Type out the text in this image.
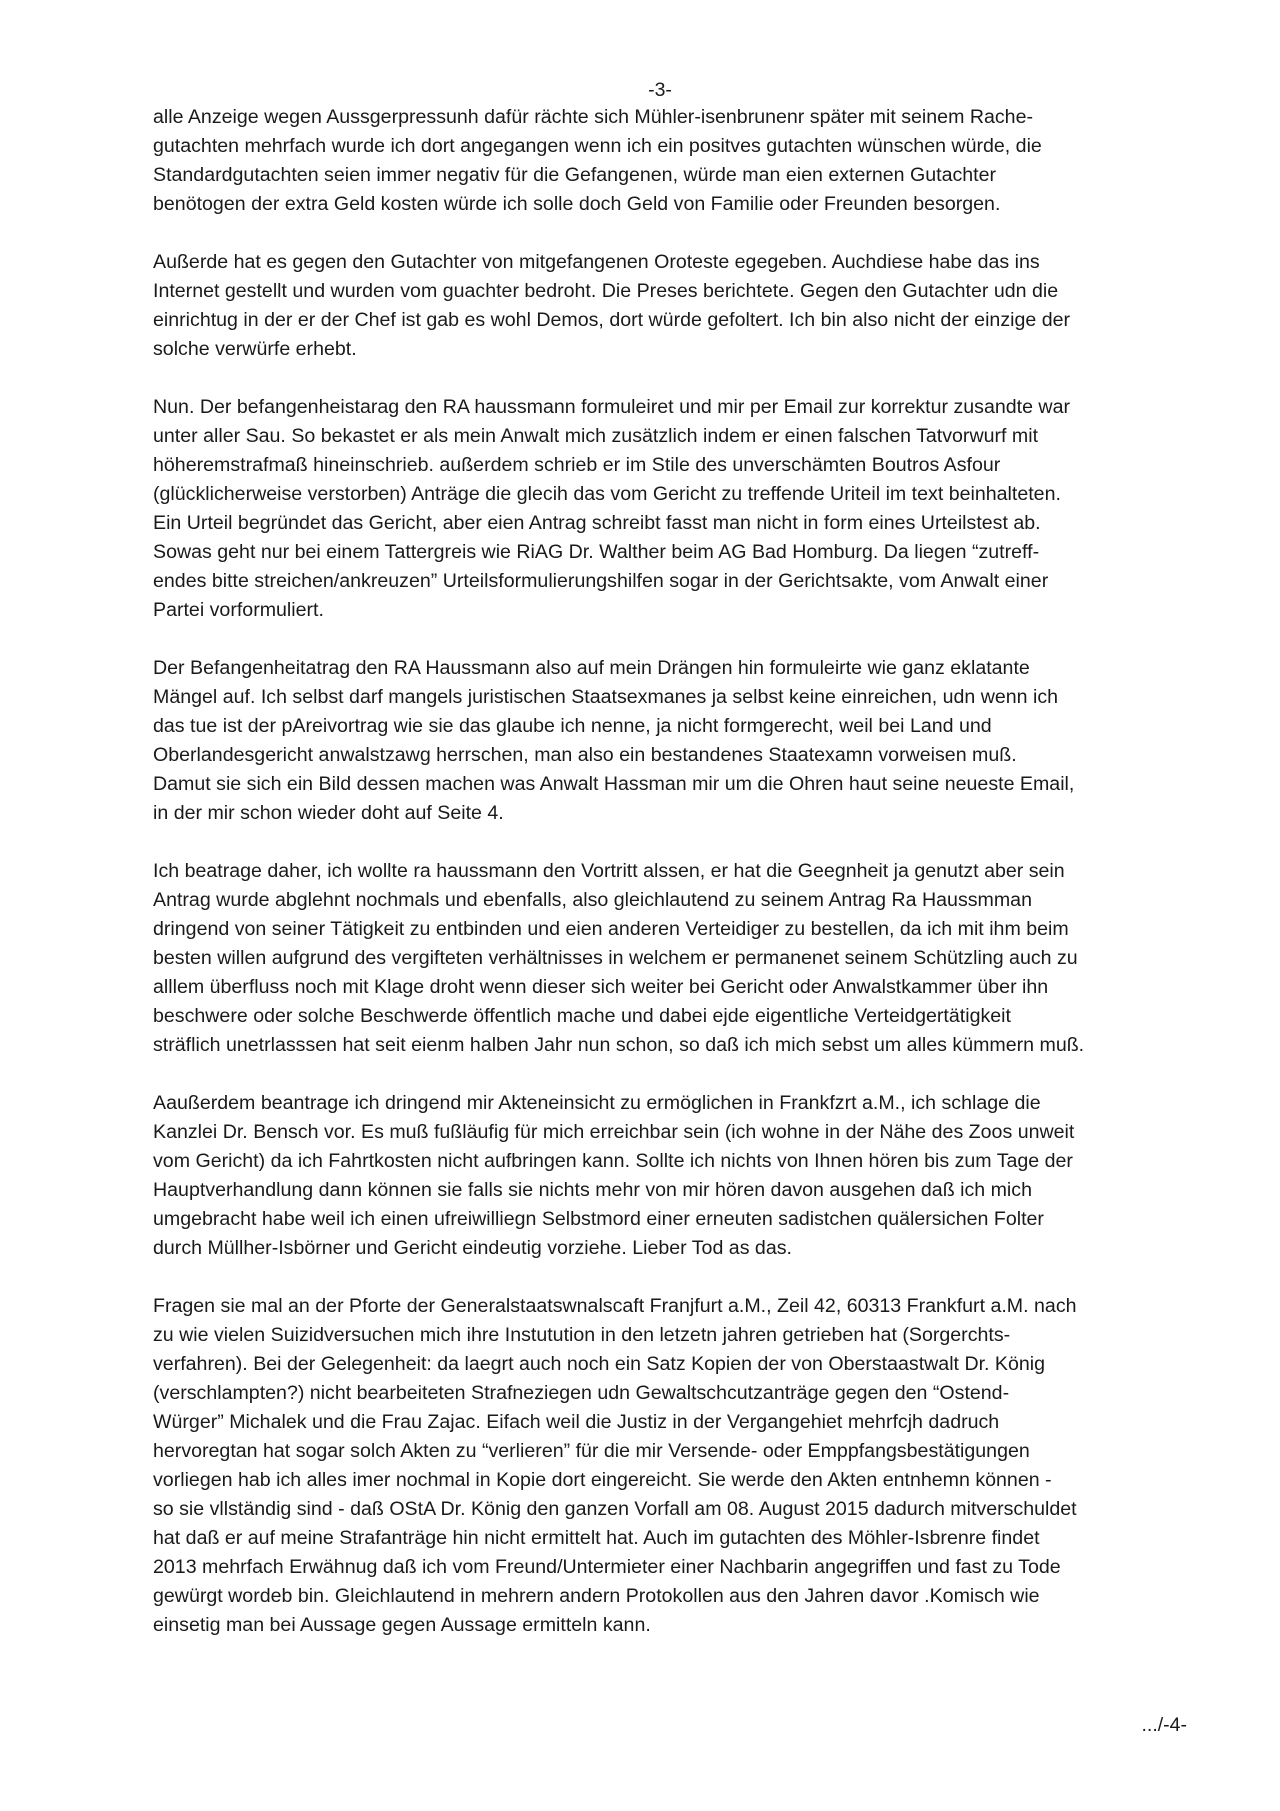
-3-
alle Anzeige wegen Aussgerpressunh dafür rächte sich Mühler-isenbrunenr später mit seinem Rache-
gutachten mehrfach wurde ich dort angegangen wenn ich ein positves gutachten wünschen würde, die
Standardgutachten seien immer negativ für die Gefangenen, würde man eien externen Gutachter
benötogen der extra Geld kosten würde ich solle doch Geld von Familie oder Freunden besorgen.
Außerde hat es gegen den Gutachter von mitgefangenen Oroteste egegeben. Auchdiese habe das ins
Internet gestellt und wurden vom guachter bedroht. Die Preses berichtete. Gegen den Gutachter udn die
einrichtug in der er der Chef ist gab es wohl Demos, dort würde gefoltert. Ich bin also nicht der einzige der
solche verwürfe erhebt.
Nun. Der befangenheistarag den RA haussmann formuleiret und mir per Email zur korrektur zusandte war
unter aller Sau. So bekastet er als mein Anwalt mich zusätzlich indem er einen falschen Tatvorwurf mit
höheremstrafmaß hineinschrieb. außerdem schrieb er im Stile des unverschämten Boutros Asfour
(glücklicherweise verstorben) Anträge die glecih das vom Gericht zu treffende Uriteil im text beinhalteten.
Ein Urteil begründet das Gericht, aber eien Antrag schreibt fasst man nicht in form eines Urteilstest ab.
Sowas geht nur bei einem Tattergreis wie RiAG Dr. Walther beim AG Bad Homburg. Da liegen “zutreff-
endes bitte streichen/ankreuzen” Urteilsformulierungshilfen sogar in der Gerichtsakte, vom Anwalt einer
Partei vorformuliert.
Der Befangenheitatrag den RA Haussmann also auf mein Drängen hin formuleirte wie ganz eklatante
Mängel auf. Ich selbst darf mangels juristischen Staatsexmanes ja selbst keine einreichen, udn wenn ich
das tue ist der pAreivortrag wie sie das glaube ich nenne, ja nicht formgerecht, weil bei Land und
Oberlandesgericht anwalstzawg herrschen, man also ein bestandenes Staatexamn vorweisen muß.
Damut sie sich ein Bild dessen machen was Anwalt Hassman mir um die Ohren haut seine neueste Email,
in der mir schon wieder doht auf Seite 4.
Ich beatrage daher, ich wollte ra haussmann den Vortritt alssen, er hat die Geegnheit ja genutzt aber sein
Antrag wurde abglehnt nochmals und ebenfalls, also gleichlautend zu seinem Antrag Ra Haussmman
dringend von seiner Tätigkeit zu entbinden und eien anderen Verteidiger zu bestellen, da ich mit ihm beim
besten willen aufgrund des vergifteten verhältnisses in welchem er permanenet seinem Schützling auch zu
alllem überfluss noch mit Klage droht wenn dieser sich weiter bei Gericht oder Anwalstkammer über ihn
beschwere oder solche Beschwerde öffentlich mache und dabei ejde eigentliche Verteidgertätigkeit
sträflich unetrlasssen hat seit eienm halben Jahr nun schon, so daß ich mich sebst um alles kümmern muß.
Aaußerdem beantrage ich dringend mir Akteneinsicht zu ermöglichen in Frankfzrt a.M., ich schlage die
Kanzlei Dr. Bensch vor. Es muß fußläufig für mich erreichbar sein (ich wohne in der Nähe des Zoos unweit
vom Gericht) da ich Fahrtkosten nicht aufbringen kann. Sollte ich nichts von Ihnen hören bis zum Tage der
Hauptverhandlung dann können sie falls sie nichts mehr von mir hören davon ausgehen daß ich mich
umgebracht habe weil ich einen ufreiwilliegn Selbstmord einer erneuten sadistchen quälersichen Folter
durch Müllher-Isbörner und Gericht eindeutig vorziehe. Lieber Tod as das.
Fragen sie mal an der Pforte der Generalstaatswnalscaft Franjfurt a.M., Zeil 42, 60313 Frankfurt a.M. nach
zu wie vielen Suizidversuchen mich ihre Instutution in den letzetn jahren getrieben hat (Sorgerchts-
verfahren). Bei der Gelegenheit: da laegrt auch noch ein Satz Kopien der von Oberstaastwalt Dr. König
(verschlampten?) nicht bearbeiteten Strafneziegen udn Gewaltschcutzanträge gegen den “Ostend-
Würger” Michalek und die Frau Zajac. Eifach weil die Justiz in der Vergangehiet mehrfcjh dadruch
hervoregtan hat sogar solch Akten zu “verlieren” für die mir Versende- oder Emppfangsbestätigungen
vorliegen hab ich alles imer nochmal in Kopie dort eingereicht. Sie werde den Akten entnhemn können -
so sie vllständig sind - daß OStA Dr. König den ganzen Vorfall am 08. August 2015 dadurch mitverschuldet
hat daß er auf meine Strafanträge hin nicht ermittelt hat. Auch im gutachten des Möhler-Isbrenre findet
2013 mehrfach Erwähnug daß ich vom Freund/Untermieter einer Nachbarin angegriffen und fast zu Tode
gewürgt wordeb bin. Gleichlautend in mehrern andern Protokollen aus den Jahren davor .Komisch wie
einsetig man bei Aussage gegen Aussage ermitteln kann.
.../-4-
